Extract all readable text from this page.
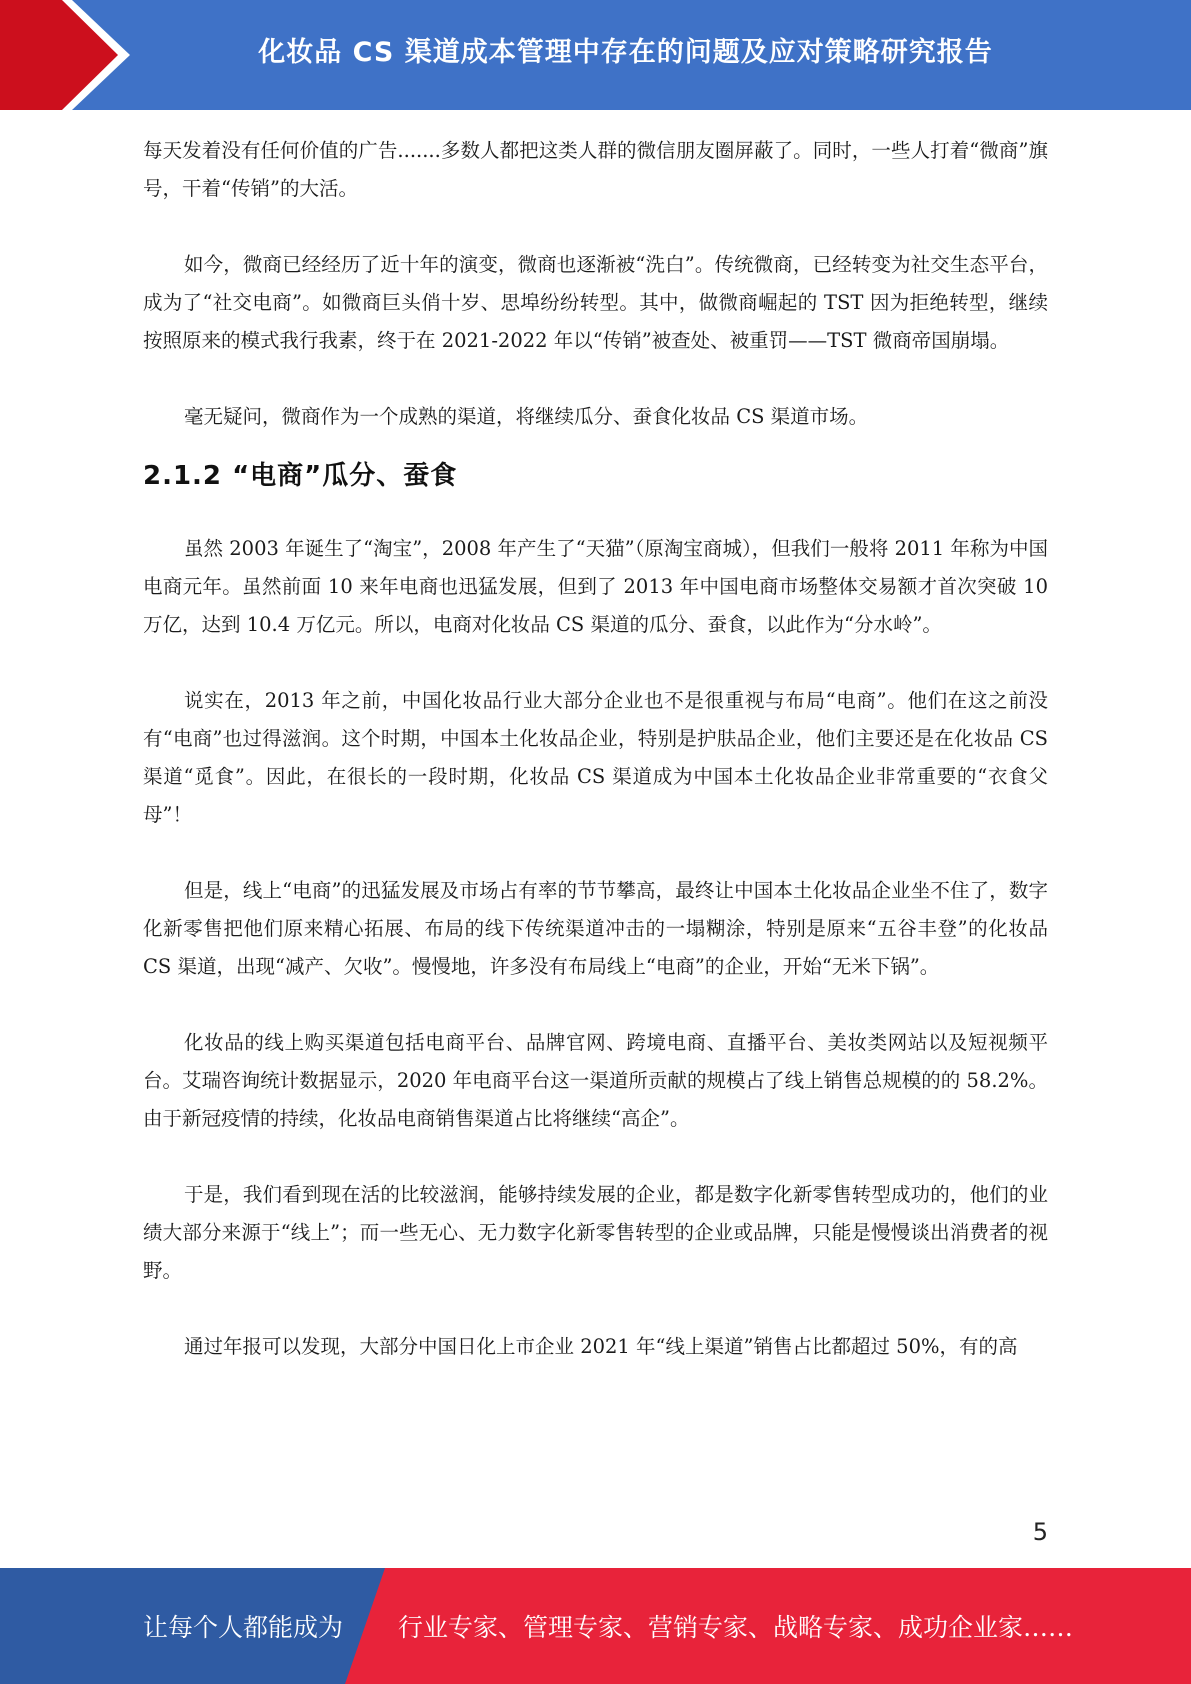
化妆品 CS 渠道成本管理中存在的问题及应对策略研究报告

每天发着没有任何价值的广告.......多数人都把这类人群的微信朋友圈屏蔽了。同时，一些人打着“微商”旗号，干着“传销”的大活。

如今，微商已经经历了近十年的演变，微商也逐渐被“洗白”。传统微商，已经转变为社交生态平台，成为了“社交电商”。如微商巨头俏十岁、思埠纷纷转型。其中，做微商崛起的 TST 因为拒绝转型，继续按照原来的模式我行我素，终于在 2021-2022 年以“传销”被查处、被重罚——TST 微商帝国崩塌。

毫无疑问，微商作为一个成熟的渠道，将继续瓜分、蚕食化妆品 CS 渠道市场。

2.1.2 “电商”瓜分、蚕食

虽然 2003 年诞生了“淘宝”，2008 年产生了“天猫”（原淘宝商城），但我们一般将 2011 年称为中国电商元年。虽然前面 10 来年电商也迅猛发展，但到了 2013 年中国电商市场整体交易额才首次突破 10 万亿，达到 10.4 万亿元。所以，电商对化妆品 CS 渠道的瓜分、蚕食，以此作为“分水岭”。

说实在，2013 年之前，中国化妆品行业大部分企业也不是很重视与布局“电商”。他们在这之前没有“电商”也过得滋润。这个时期，中国本土化妆品企业，特别是护肤品企业，他们主要还是在化妆品 CS 渠道“觅食”。因此，在很长的一段时期，化妆品 CS 渠道成为中国本土化妆品企业非常重要的“衣食父母”！

但是，线上“电商”的迅猛发展及市场占有率的节节攀高，最终让中国本土化妆品企业坐不住了，数字化新零售把他们原来精心拓展、布局的线下传统渠道冲击的一塌糊涂，特别是原来“五谷丰登”的化妆品 CS 渠道，出现“减产、欠收”。慢慢地，许多没有布局线上“电商”的企业，开始“无米下锅”。

化妆品的线上购买渠道包括电商平台、品牌官网、跨境电商、直播平台、美妆类网站以及短视频平台。艾瑞咨询统计数据显示，2020 年电商平台这一渠道所贡献的规模占了线上销售总规模的的 58.2%。由于新冠疫情的持续，化妆品电商销售渠道占比将继续“高企”。

于是，我们看到现在活的比较滋润，能够持续发展的企业，都是数字化新零售转型成功的，他们的业绩大部分来源于“线上”；而一些无心、无力数字化新零售转型的企业或品牌，只能是慢慢谈出消费者的视野。

通过年报可以发现，大部分中国日化上市企业 2021 年“线上渠道”销售占比都超过 50%，有的高

5
让每个人都能成为 行业专家、管理专家、营销专家、战略专家、成功企业家……
